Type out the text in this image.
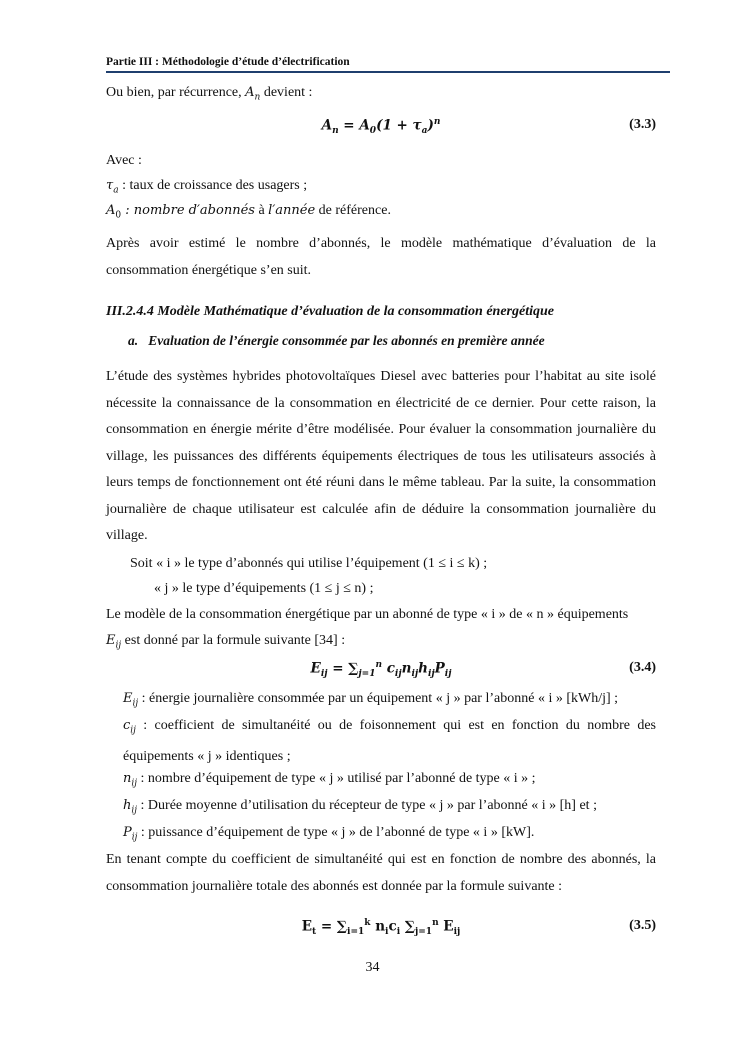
Partie III : Méthodologie d’étude d’électrification
Ou bien, par récurrence, $A_n$ devient :
$A_n = A_0(1 + \tau_a)^n$	(3.3)
Avec :
$\tau_a$ : taux de croissance des usagers ;
$A_0$ : nombre d′abonnés à l′année de référence.
Après avoir estimé le nombre d’abonnés, le modèle mathématique d’évaluation de la consommation énergétique s’en suit.
III.2.4.4 Modèle Mathématique d’évaluation de la consommation énergétique
a. Evaluation de l’énergie consommée par les abonnés en première année
L’étude des systèmes hybrides photovoltaïques Diesel avec batteries pour l’habitat au site isolé nécessite la connaissance de la consommation en électricité de ce dernier. Pour cette raison, la consommation en énergie mérite d’être modélisée. Pour évaluer la consommation journalière du village, les puissances des différents équipements électriques de tous les utilisateurs associés à leurs temps de fonctionnement ont été réuni dans le même tableau. Par la suite, la consommation journalière de chaque utilisateur est calculée afin de déduire la consommation journalière du village.
Soit « i » le type d’abonnés qui utilise l’équipement (1 ≤ i ≤ k) ;
« j » le type d’équipements (1 ≤ j ≤ n) ;
Le modèle de la consommation énergétique par un abonné de type « i » de « n » équipements
$E_{ij}$ est donné par la formule suivante [34] :
$E_{ij} = \sum_{j=1}^n$ $c_{ij}n_{ij}h_{ij}P_{ij}$	(3.4)
$E_{ij}$ : énergie journalière consommée par un équipement « j » par l’abonné « i » [kWh/j] ;
$c_{ij}$ : coefficient de simultanéité ou de foisonnement qui est en fonction du nombre des équipements « j » identiques ;
$n_{ij}$ : nombre d’équipement de type « j » utilisé par l’abonné de type « i » ;
$h_{ij}$ : Durée moyenne d’utilisation du récepteur de type « j » par l’abonné « i » [h] et ;
$P_{ij}$ : puissance d’équipement de type « j » de l’abonné de type « i » [kW].
En tenant compte du coefficient de simultanéité qui est en fonction de nombre des abonnés, la consommation journalière totale des abonnés est donnée par la formule suivante :
$E_t = \sum_{i=1}^k$ $n_ic_i$ $\sum_{j=1}^n$ $E_{ij}$	(3.5)
34
